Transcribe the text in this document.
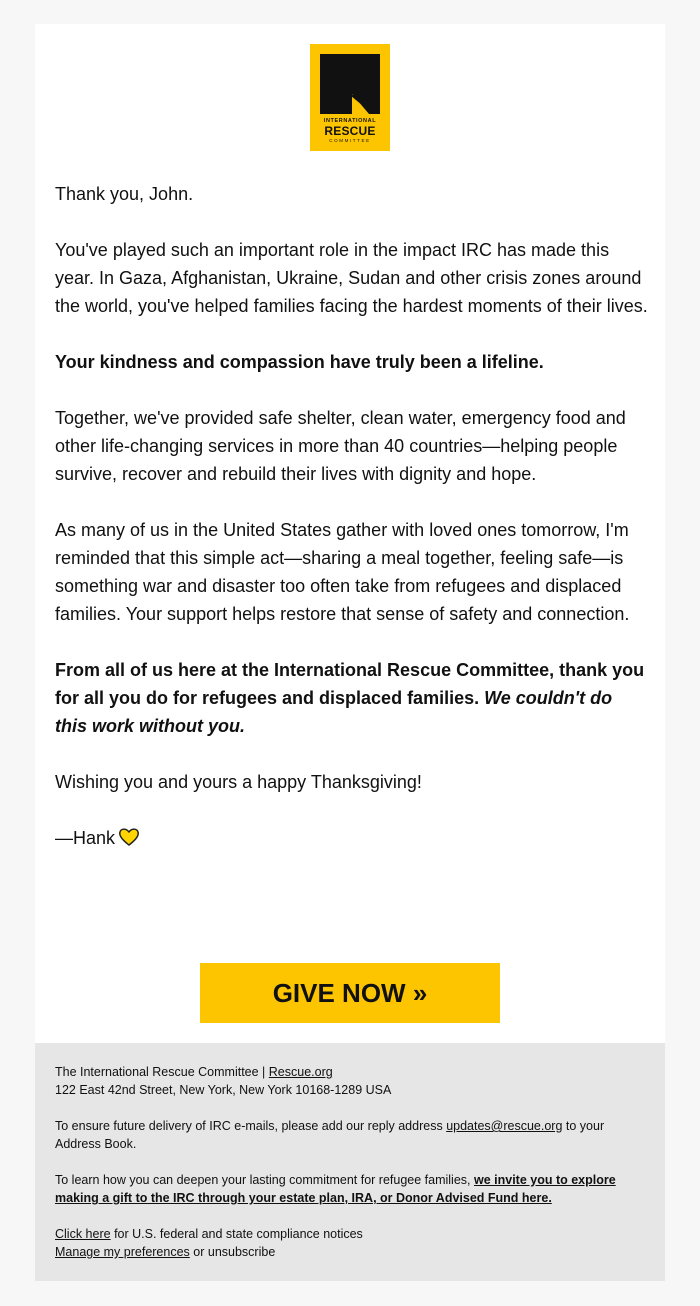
INTERNATIONAL
RESCUE
COMMITTEE

Thank you, John.

You've played such an important role in the impact IRC has made this year. In Gaza, Afghanistan, Ukraine, Sudan and other crisis zones around the world, you've helped families facing the hardest moments of their lives.

Your kindness and compassion have truly been a lifeline.

Together, we've provided safe shelter, clean water, emergency food and other life-changing services in more than 40 countries—helping people survive, recover and rebuild their lives with dignity and hope.

As many of us in the United States gather with loved ones tomorrow, I'm reminded that this simple act—sharing a meal together, feeling safe—is something war and disaster too often take from refugees and displaced families. Your support helps restore that sense of safety and connection.

From all of us here at the International Rescue Committee, thank you for all you do for refugees and displaced families. We couldn't do this work without you.

Wishing you and yours a happy Thanksgiving!

—Hank

GIVE NOW »

The International Rescue Committee | Rescue.org
122 East 42nd Street, New York, New York 10168-1289 USA

To ensure future delivery of IRC e-mails, please add our reply address updates@rescue.org to your Address Book.

To learn how you can deepen your lasting commitment for refugee families, we invite you to explore making a gift to the IRC through your estate plan, IRA, or Donor Advised Fund here.

Click here for U.S. federal and state compliance notices
Manage my preferences or unsubscribe
